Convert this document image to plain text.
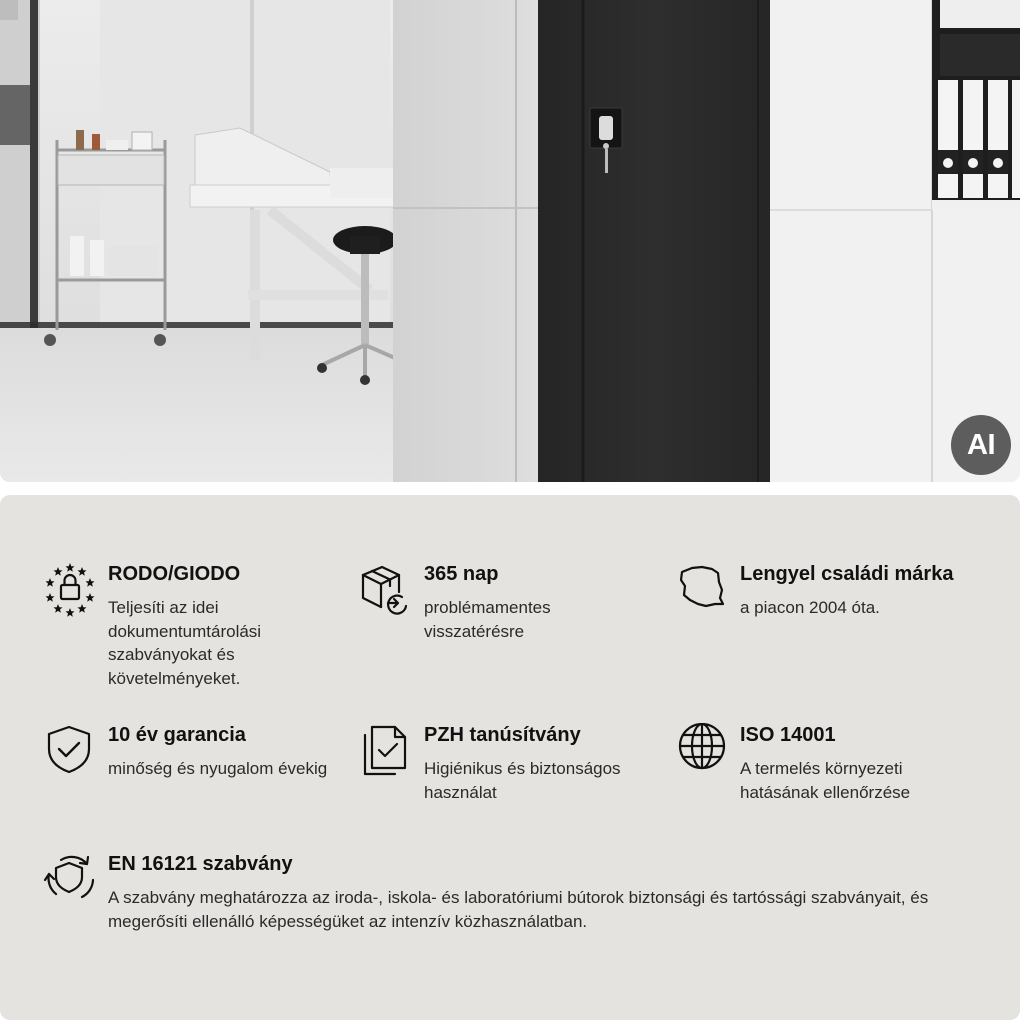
AI
RODO/GIODO
Teljesíti az idei dokumentumtárolási szabványokat és követelményeket.
365 nap
problémamentes visszatérésre
Lengyel családi márka
a piacon 2004 óta.
10 év garancia
minőség és nyugalom évekig
PZH tanúsítvány
Higiénikus és biztonságos használat
ISO 14001
A termelés környezeti hatásának ellenőrzése
EN 16121 szabvány
A szabvány meghatározza az iroda-, iskola- és laboratóriumi bútorok biztonsági és tartóssági szabványait, és megerősíti ellenálló képességüket az intenzív közhasználatban.
